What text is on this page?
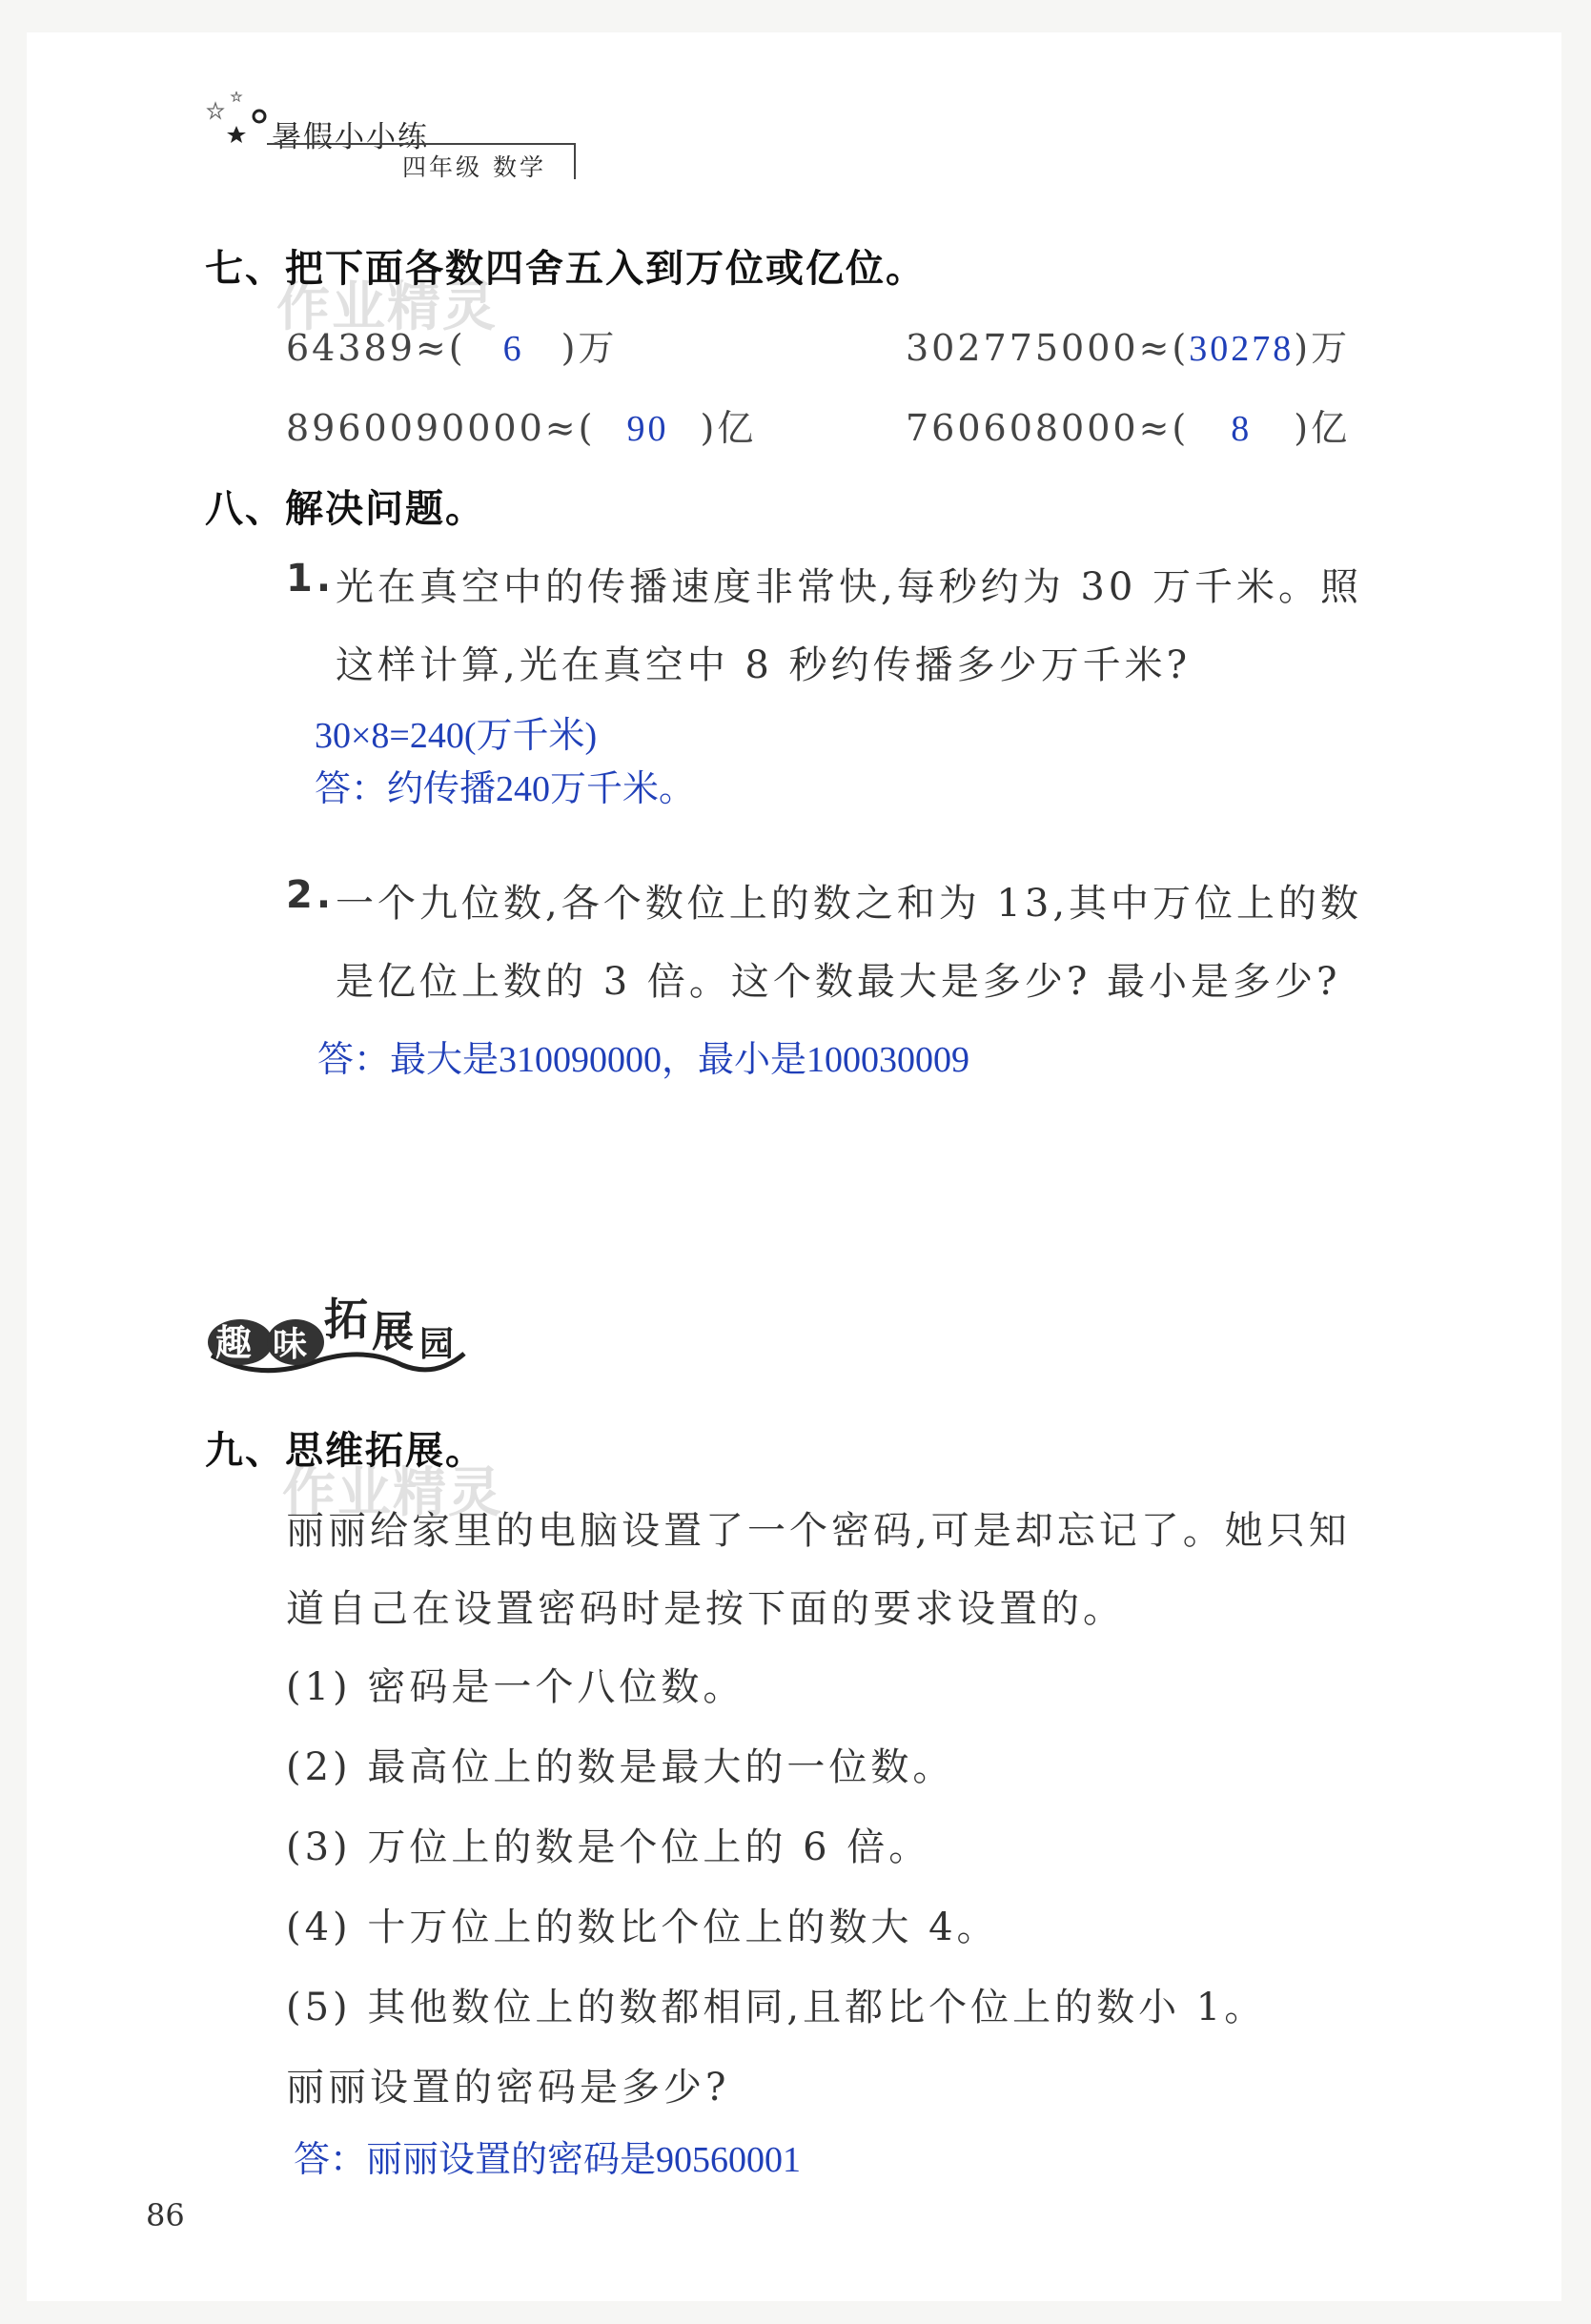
暑假小小练
四年级 数学
作业精灵
作业精灵
七、把下面各数四舍五入到万位或亿位。
64389≈( 6 )万	302775000≈(30278)万
8960090000≈( 90 )亿	760608000≈( 8 )亿
八、解决问题。
1. 光在真空中的传播速度非常快,每秒约为 30 万千米。照
这样计算,光在真空中 8 秒约传播多少万千米?
30×8=240(万千米)
答：约传播240万千米。
2. 一个九位数,各个数位上的数之和为 13,其中万位上的数
是亿位上数的 3 倍。这个数最大是多少? 最小是多少?
答：最大是310090000，最小是100030009
趣 味 拓 展 园
九、思维拓展。
丽丽给家里的电脑设置了一个密码,可是却忘记了。她只知
道自己在设置密码时是按下面的要求设置的。
(1) 密码是一个八位数。
(2) 最高位上的数是最大的一位数。
(3) 万位上的数是个位上的 6 倍。
(4) 十万位上的数比个位上的数大 4。
(5) 其他数位上的数都相同,且都比个位上的数小 1。
丽丽设置的密码是多少?
答：丽丽设置的密码是90560001
86
